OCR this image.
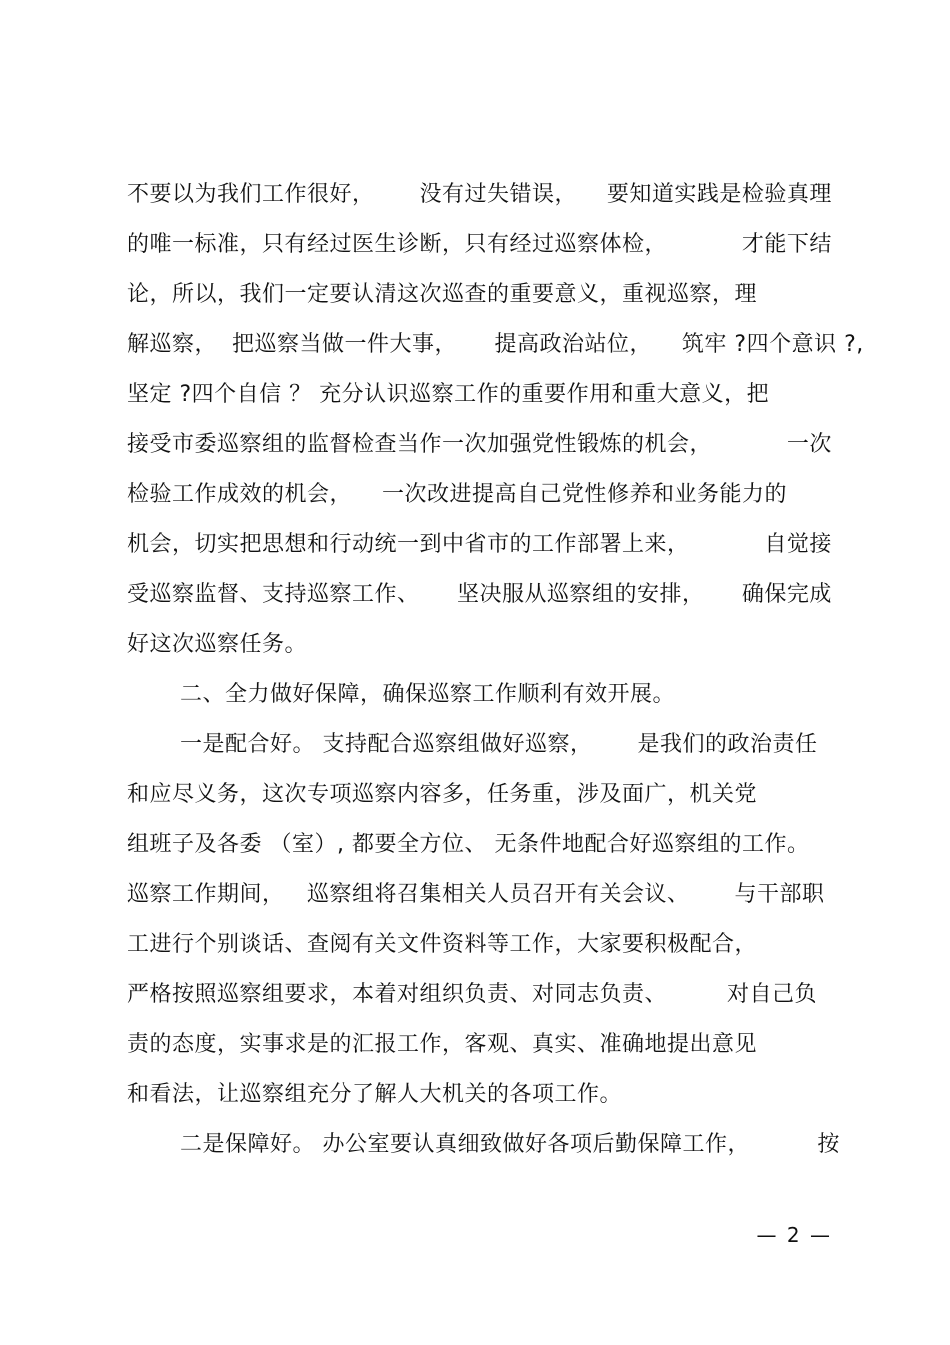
不要以为我们工作很好，      没有过失错误，    要知道实践是检验真理
的唯一标准，只有经过医生诊断，只有经过巡察体检，          才能下结
论，所以，我们一定要认清这次巡查的重要意义，重视巡察，理
解巡察，  把巡察当做一件大事，     提高政治站位，    筑牢 ?四个意识 ?,
坚定 ?四个自信 ？ 充分认识巡察工作的重要作用和重大意义，把
接受市委巡察组的监督检查当作一次加强党性锻炼的机会，          一次
检验工作成效的机会，    一次改进提高自己党性修养和业务能力的
机会，切实把思想和行动统一到中省市的工作部署上来，          自觉接
受巡察监督、支持巡察工作、     坚决服从巡察组的安排，     确保完成
好这次巡察任务。
二、全力做好保障，确保巡察工作顺利有效开展。
一是配合好。 支持配合巡察组做好巡察，      是我们的政治责任
和应尽义务，这次专项巡察内容多，任务重，涉及面广，机关党
组班子及各委 （室）, 都要全方位、 无条件地配合好巡察组的工作。
巡察工作期间，   巡察组将召集相关人员召开有关会议、      与干部职
工进行个别谈话、查阅有关文件资料等工作，大家要积极配合，
严格按照巡察组要求，本着对组织负责、对同志负责、        对自己负
责的态度，实事求是的汇报工作，客观、真实、准确地提出意见
和看法，让巡察组充分了解人大机关的各项工作。
二是保障好。 办公室要认真细致做好各项后勤保障工作，         按
— 2 —
